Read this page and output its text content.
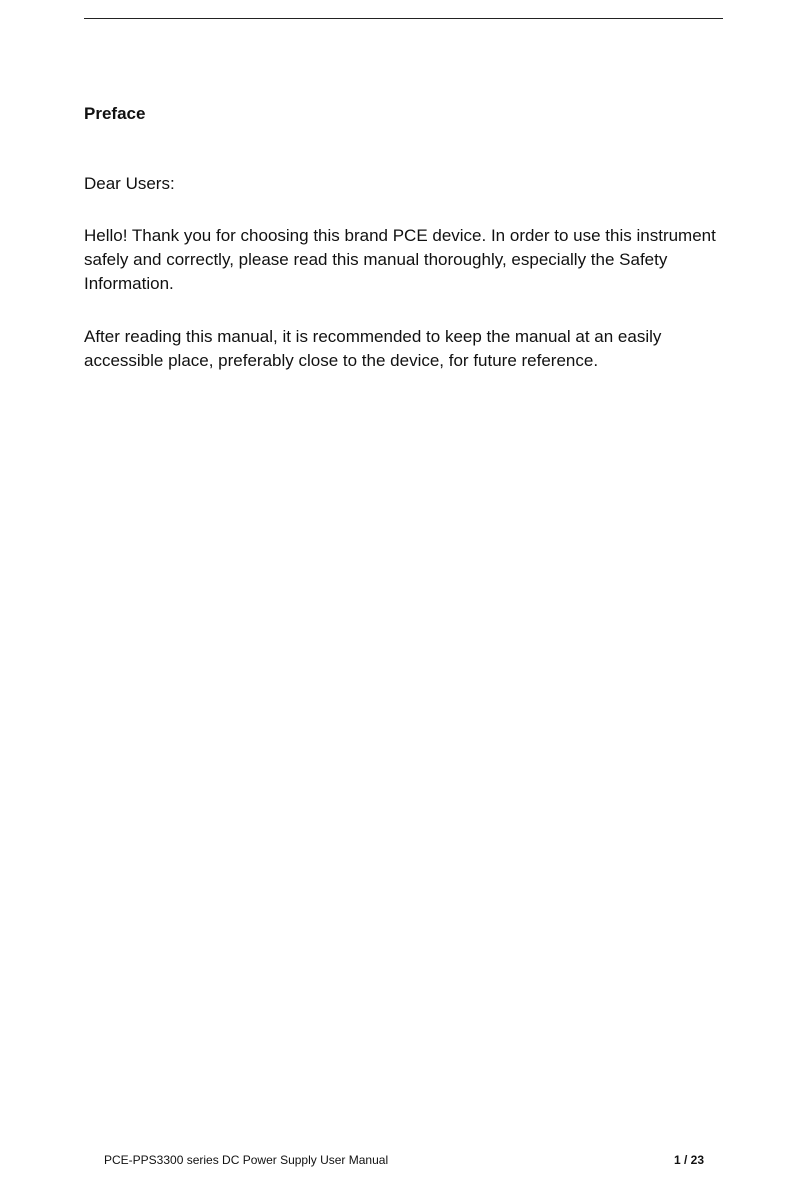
Preface

Dear Users:

Hello! Thank you for choosing this brand PCE device. In order to use this instrument safely and correctly, please read this manual thoroughly, especially the Safety Information.

After reading this manual, it is recommended to keep the manual at an easily accessible place, preferably close to the device, for future reference.

PCE-PPS3300 series DC Power Supply User Manual	1 / 23
